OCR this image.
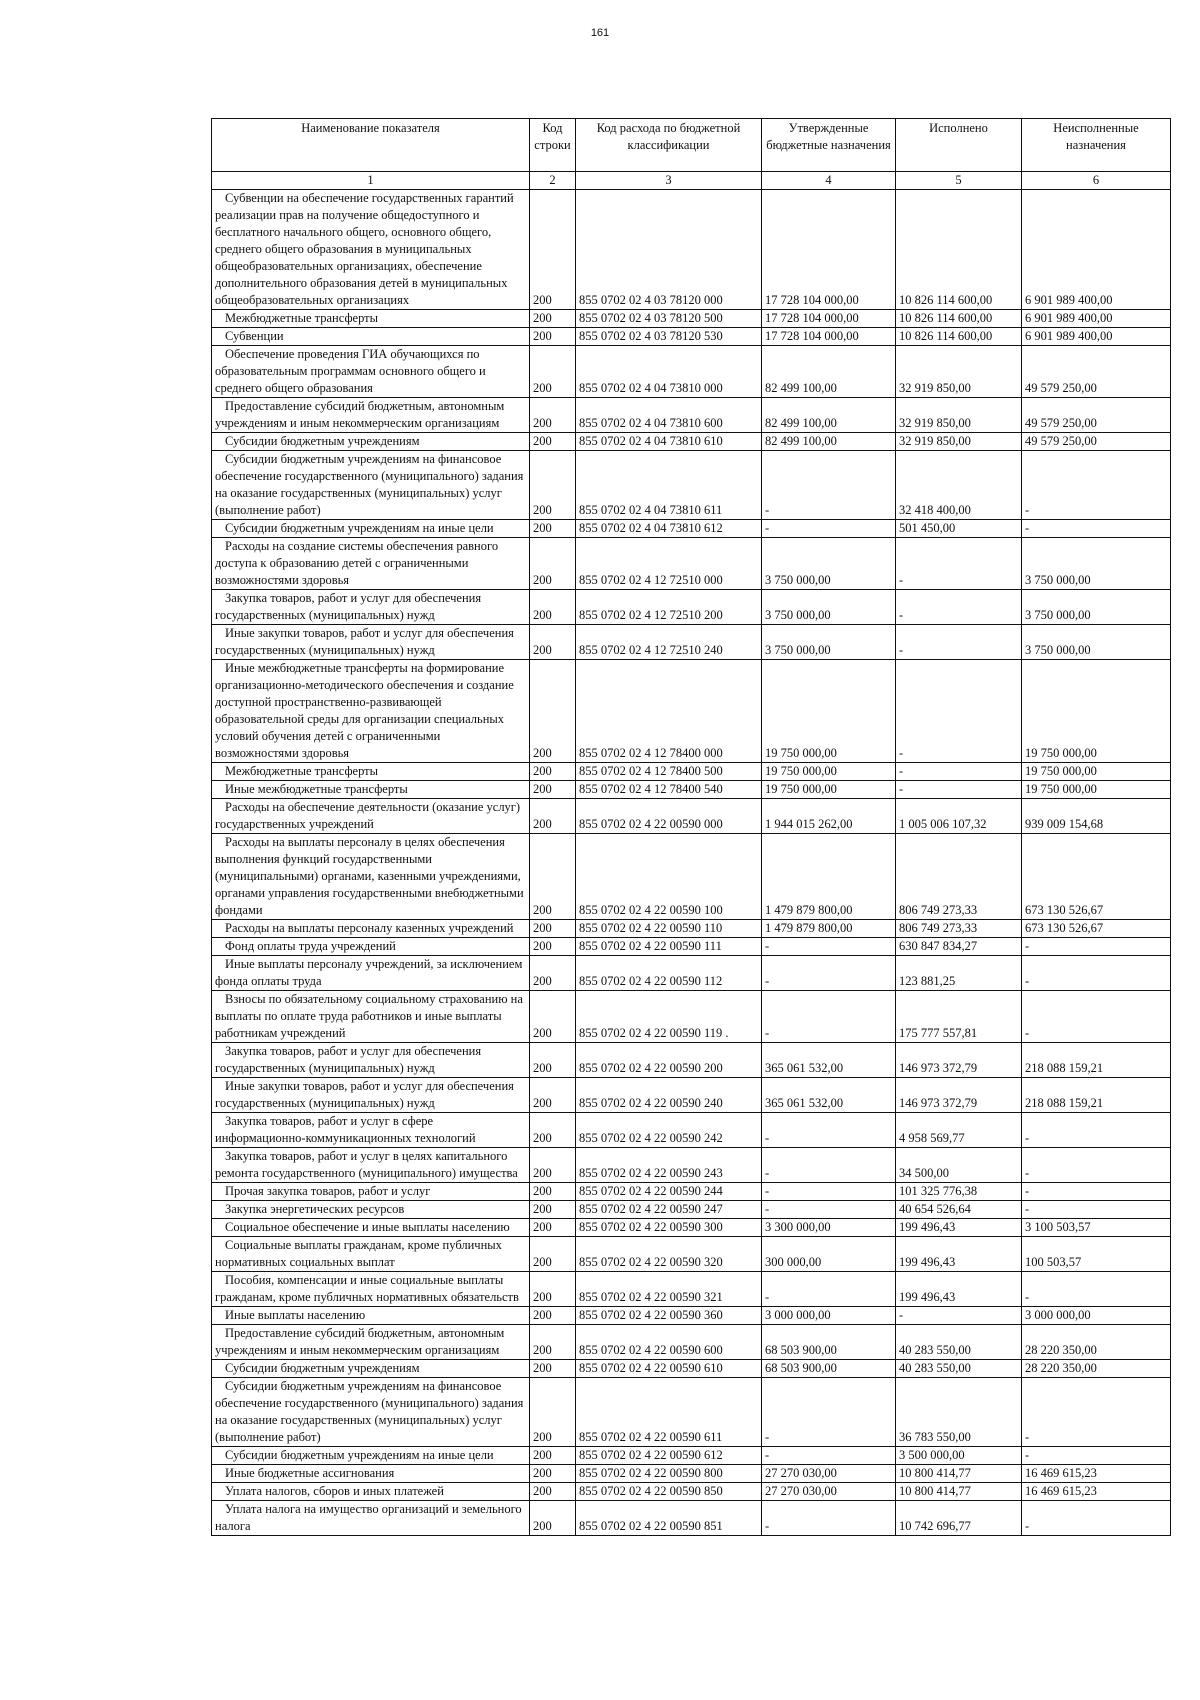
161
Наименование показателя	Код строки	Код расхода по бюджетной классификации	Утвержденные бюджетные назначения	Исполнено	Неисполненные назначения
1	2	3	4	5	6
Субвенции на обеспечение государственных гарантий реализации прав на получение общедоступного и бесплатного начального общего, основного общего, среднего общего образования в муниципальных общеобразовательных организациях, обеспечение дополнительного образования детей в муниципальных общеобразовательных организациях	200	855 0702 02 4 03 78120 000	17 728 104 000,00	10 826 114 600,00	6 901 989 400,00
Межбюджетные трансферты	200	855 0702 02 4 03 78120 500	17 728 104 000,00	10 826 114 600,00	6 901 989 400,00
Субвенции	200	855 0702 02 4 03 78120 530	17 728 104 000,00	10 826 114 600,00	6 901 989 400,00
Обеспечение проведения ГИА обучающихся по образовательным программам основного общего и среднего общего образования	200	855 0702 02 4 04 73810 000	82 499 100,00	32 919 850,00	49 579 250,00
Предоставление субсидий бюджетным, автономным учреждениям и иным некоммерческим организациям	200	855 0702 02 4 04 73810 600	82 499 100,00	32 919 850,00	49 579 250,00
Субсидии бюджетным учреждениям	200	855 0702 02 4 04 73810 610	82 499 100,00	32 919 850,00	49 579 250,00
Субсидии бюджетным учреждениям на финансовое обеспечение государственного (муниципального) задания на оказание государственных (муниципальных) услуг (выполнение работ)	200	855 0702 02 4 04 73810 611	-	32 418 400,00	-
Субсидии бюджетным учреждениям на иные цели	200	855 0702 02 4 04 73810 612	-	501 450,00	-
Расходы на создание системы обеспечения равного доступа к образованию детей с ограниченными возможностями здоровья	200	855 0702 02 4 12 72510 000	3 750 000,00	-	3 750 000,00
Закупка товаров, работ и услуг для обеспечения государственных (муниципальных) нужд	200	855 0702 02 4 12 72510 200	3 750 000,00	-	3 750 000,00
Иные закупки товаров, работ и услуг для обеспечения государственных (муниципальных) нужд	200	855 0702 02 4 12 72510 240	3 750 000,00	-	3 750 000,00
Иные межбюджетные трансферты на формирование организационно-методического обеспечения и создание доступной пространственно-развивающей образовательной среды для организации специальных условий обучения детей с ограниченными возможностями здоровья	200	855 0702 02 4 12 78400 000	19 750 000,00	-	19 750 000,00
Межбюджетные трансферты	200	855 0702 02 4 12 78400 500	19 750 000,00	-	19 750 000,00
Иные межбюджетные трансферты	200	855 0702 02 4 12 78400 540	19 750 000,00	-	19 750 000,00
Расходы на обеспечение деятельности (оказание услуг) государственных учреждений	200	855 0702 02 4 22 00590 000	1 944 015 262,00	1 005 006 107,32	939 009 154,68
Расходы на выплаты персоналу в целях обеспечения выполнения функций государственными (муниципальными) органами, казенными учреждениями, органами управления государственными внебюджетными фондами	200	855 0702 02 4 22 00590 100	1 479 879 800,00	806 749 273,33	673 130 526,67
Расходы на выплаты персоналу казенных учреждений	200	855 0702 02 4 22 00590 110	1 479 879 800,00	806 749 273,33	673 130 526,67
Фонд оплаты труда учреждений	200	855 0702 02 4 22 00590 111	-	630 847 834,27	-
Иные выплаты персоналу учреждений, за исключением фонда оплаты труда	200	855 0702 02 4 22 00590 112	-	123 881,25	-
Взносы по обязательному социальному страхованию на выплаты по оплате труда работников и иные выплаты работникам учреждений	200	855 0702 02 4 22 00590 119 .	-	175 777 557,81	-
Закупка товаров, работ и услуг для обеспечения государственных (муниципальных) нужд	200	855 0702 02 4 22 00590 200	365 061 532,00	146 973 372,79	218 088 159,21
Иные закупки товаров, работ и услуг для обеспечения государственных (муниципальных) нужд	200	855 0702 02 4 22 00590 240	365 061 532,00	146 973 372,79	218 088 159,21
Закупка товаров, работ и услуг в сфере информационно-коммуникационных технологий	200	855 0702 02 4 22 00590 242	-	4 958 569,77	-
Закупка товаров, работ и услуг в целях капитального ремонта государственного (муниципального) имущества	200	855 0702 02 4 22 00590 243	-	34 500,00	-
Прочая закупка товаров, работ и услуг	200	855 0702 02 4 22 00590 244	-	101 325 776,38	-
Закупка энергетических ресурсов	200	855 0702 02 4 22 00590 247	-	40 654 526,64	-
Социальное обеспечение и иные выплаты населению	200	855 0702 02 4 22 00590 300	3 300 000,00	199 496,43	3 100 503,57
Социальные выплаты гражданам, кроме публичных нормативных социальных выплат	200	855 0702 02 4 22 00590 320	300 000,00	199 496,43	100 503,57
Пособия, компенсации и иные социальные выплаты гражданам, кроме публичных нормативных обязательств	200	855 0702 02 4 22 00590 321	-	199 496,43	-
Иные выплаты населению	200	855 0702 02 4 22 00590 360	3 000 000,00	-	3 000 000,00
Предоставление субсидий бюджетным, автономным учреждениям и иным некоммерческим организациям	200	855 0702 02 4 22 00590 600	68 503 900,00	40 283 550,00	28 220 350,00
Субсидии бюджетным учреждениям	200	855 0702 02 4 22 00590 610	68 503 900,00	40 283 550,00	28 220 350,00
Субсидии бюджетным учреждениям на финансовое обеспечение государственного (муниципального) задания на оказание государственных (муниципальных) услуг (выполнение работ)	200	855 0702 02 4 22 00590 611	-	36 783 550,00	-
Субсидии бюджетным учреждениям на иные цели	200	855 0702 02 4 22 00590 612	-	3 500 000,00	-
Иные бюджетные ассигнования	200	855 0702 02 4 22 00590 800	27 270 030,00	10 800 414,77	16 469 615,23
Уплата налогов, сборов и иных платежей	200	855 0702 02 4 22 00590 850	27 270 030,00	10 800 414,77	16 469 615,23
Уплата налога на имущество организаций и земельного налога	200	855 0702 02 4 22 00590 851	-	10 742 696,77	-
